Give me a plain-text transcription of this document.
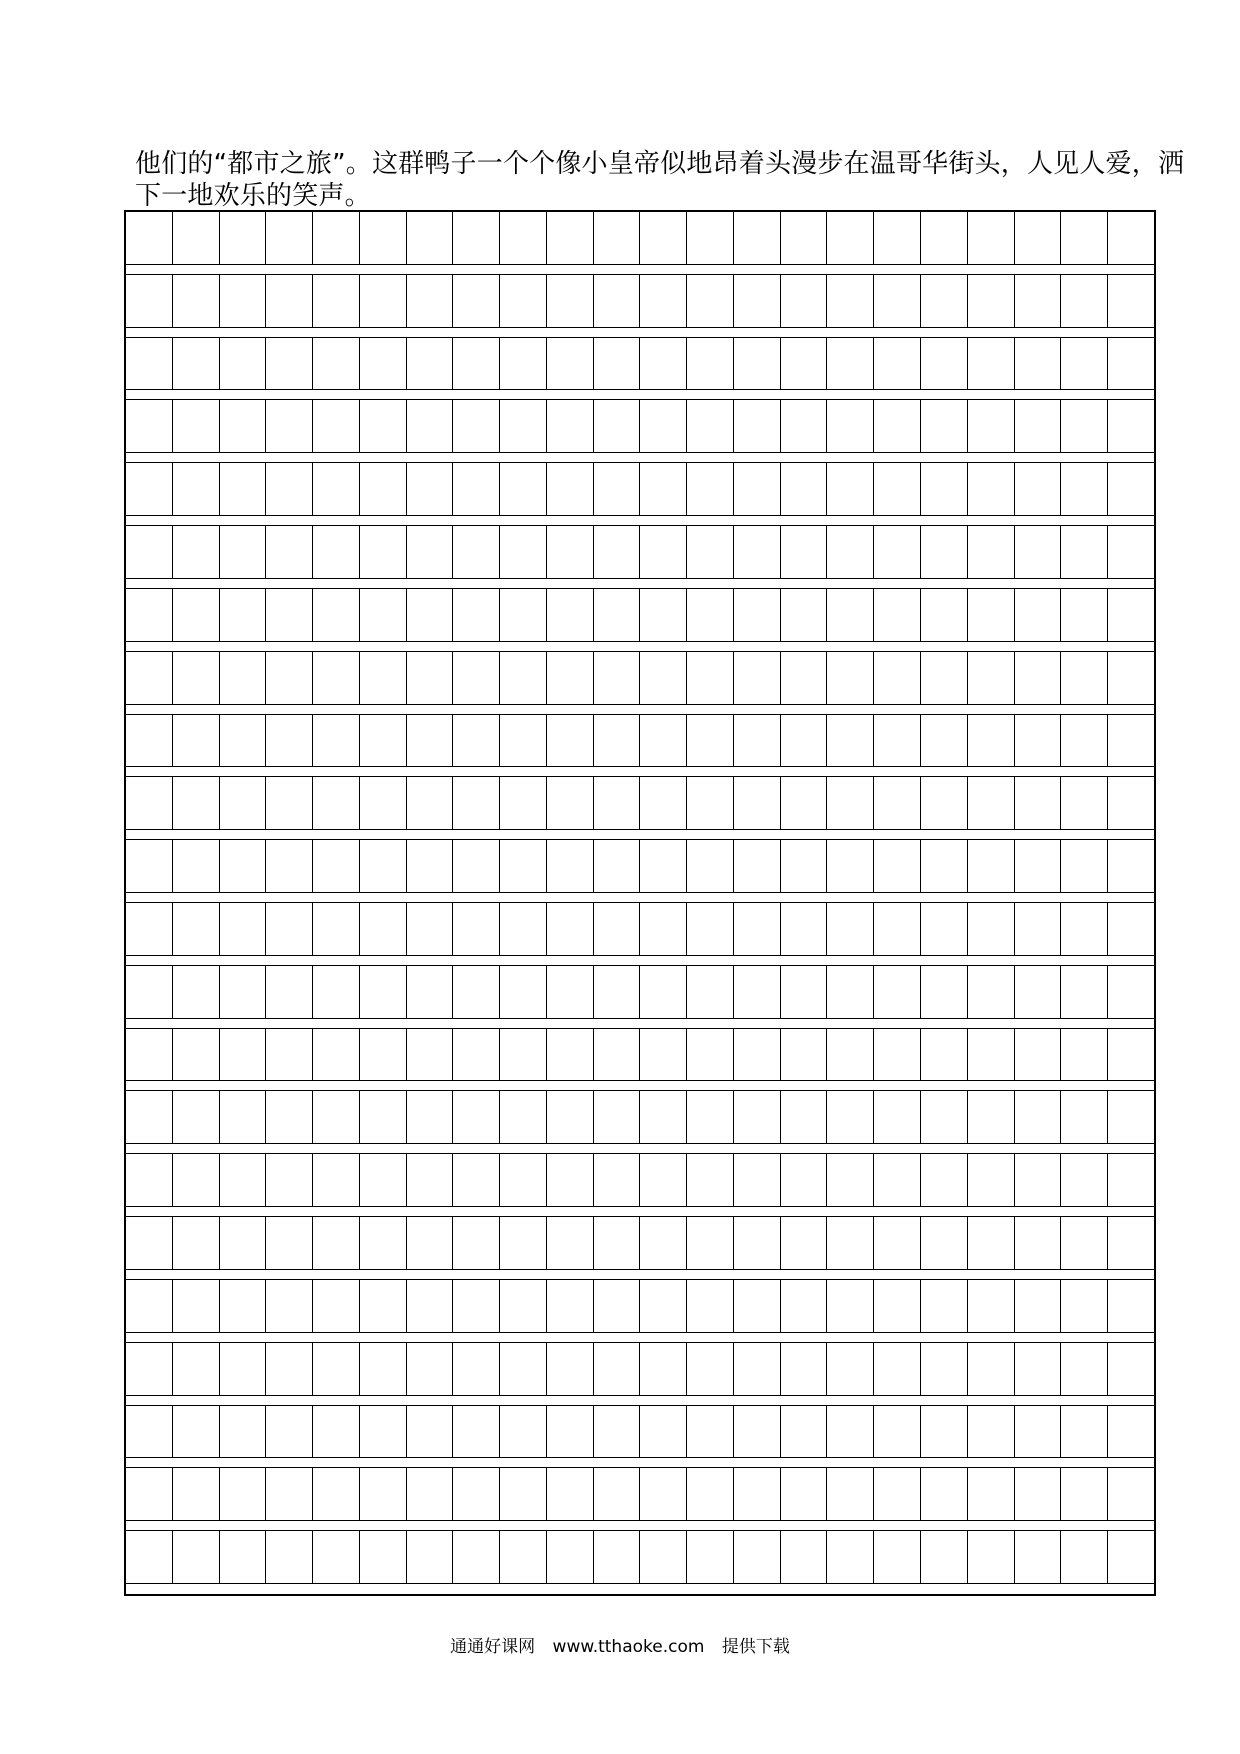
他们的“都市之旅”。这群鸭子一个个像小皇帝似地昂着头漫步在温哥华街头，人见人爱，洒
下一地欢乐的笑声。

通通好课网 www.tthaoke.com 提供下载
